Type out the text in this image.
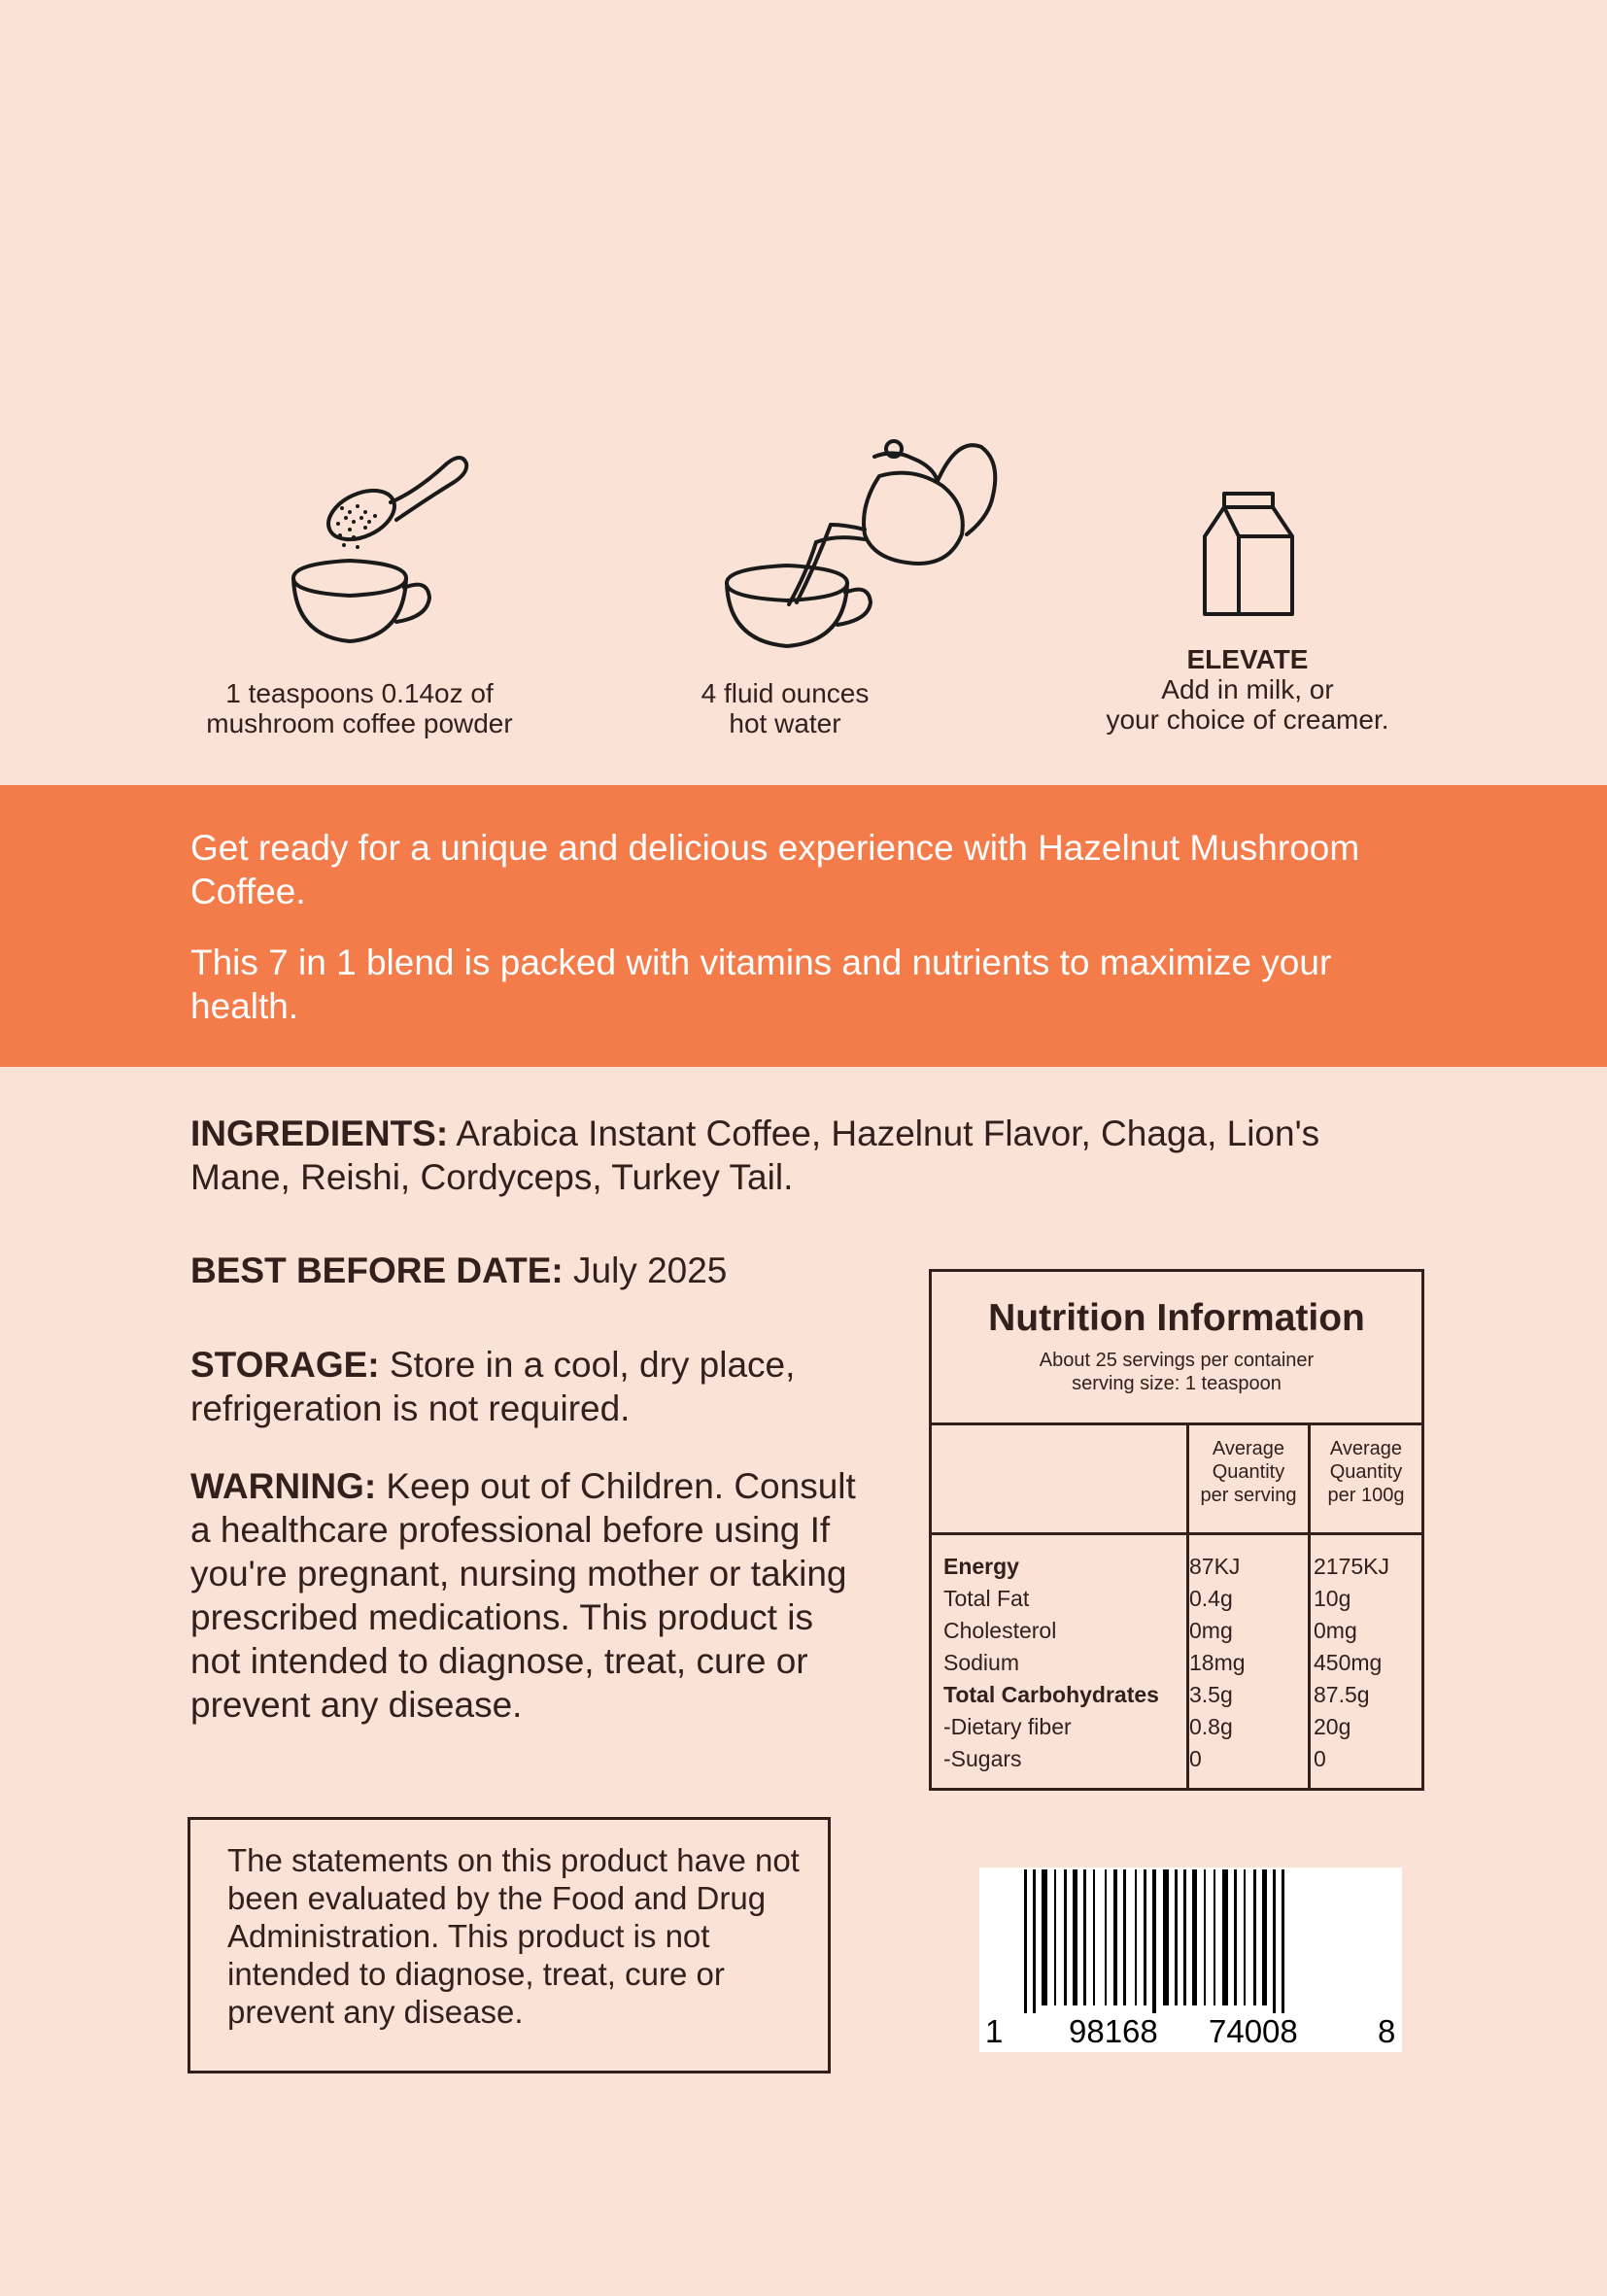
1 teaspoons 0.14oz of
mushroom coffee powder
4 fluid ounces
hot water
ELEVATE
Add in milk, or
your choice of creamer.

Get ready for a unique and delicious experience with Hazelnut Mushroom Coffee.

This 7 in 1 blend is packed with vitamins and nutrients to maximize your health.

INGREDIENTS: Arabica Instant Coffee, Hazelnut Flavor, Chaga, Lion's Mane, Reishi, Cordyceps, Turkey Tail.
BEST BEFORE DATE: July 2025
STORAGE: Store in a cool, dry place, refrigeration is not required.
WARNING: Keep out of Children. Consult a healthcare professional before using If you're pregnant, nursing mother or taking prescribed medications. This product is not intended to diagnose, treat, cure or prevent any disease.
Nutrition Information
About 25 servings per container
serving size: 1 teaspoon
Average
Quantity
per serving
Average
Quantity
per 100g
Energy	87KJ	2175KJ
Total Fat	0.4g	10g
Cholesterol	0mg	0mg
Sodium	18mg	450mg
Total Carbohydrates	3.5g	87.5g
-Dietary fiber	0.8g	20g
-Sugars	0	0

The statements on this product have not been evaluated by the Food and Drug Administration. This product is not intended to diagnose, treat, cure or prevent any disease.

1 98168 74008 8
